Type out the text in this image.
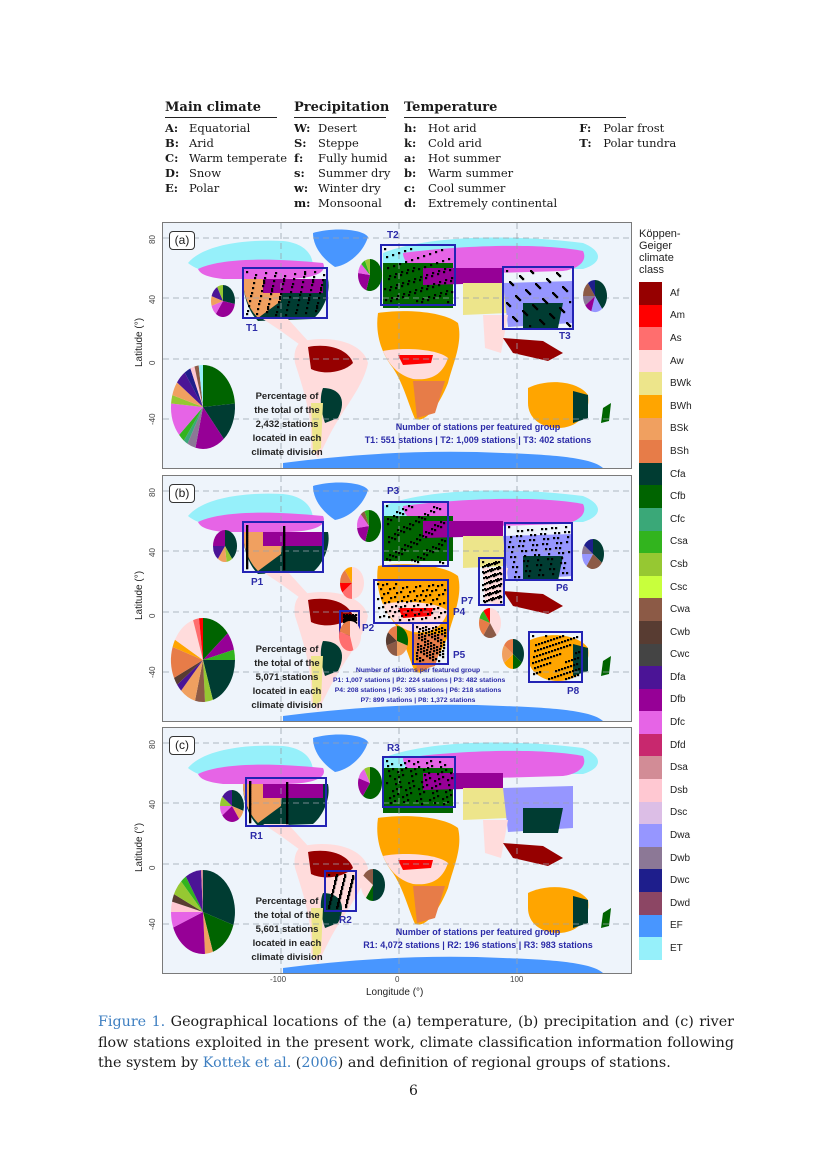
Main climate
A: Equatorial
B: Arid
C: Warm temperate
D: Snow
E: Polar
Precipitation
W: Desert
S: Steppe
f: Fully humid
s: Summer dry
w: Winter dry
m: Monsoonal
Temperature
h: Hot arid
k: Cold arid
a: Hot summer
b: Warm summer
c: Cool summer
d: Extremely continental
F: Polar frost
T: Polar tundra
(a)
T1
T2
T3
Percentage of
the total of the
2,432 stations
located in each
climate division
Number of stations per featured group
T1: 551 stations | T2: 1,009 stations | T3: 402 stations
(b)
P1
P2
P3
P4
P5
P6
P7
P8
Percentage of
the total of the
5,071 stations
located in each
climate division
Number of stations per featured group
P1: 1,007 stations | P2: 224 stations | P3: 482 stations
P4: 208 stations | P5: 305 stations | P6: 218 stations
P7: 899 stations | P8: 1,372 stations
(c)
R1
R2
R3
Percentage of
the total of the
5,601 stations
located in each
climate division
Number of stations per featured group
R1: 4,072 stations | R2: 196 stations | R3: 983 stations
-100	0	100
Longitude (°)
Köppen-
Geiger
climate
class
Af
Am
As
Aw
BWk
BWh
BSk
BSh
Cfa
Cfb
Cfc
Csa
Csb
Csc
Cwa
Cwb
Cwc
Dfa
Dfb
Dfc
Dfd
Dsa
Dsb
Dsc
Dwa
Dwb
Dwc
Dwd
EF
ET
Figure 1. Geographical locations of the (a) temperature, (b) precipitation and (c) river flow stations exploited in the present work, climate classification information following the system by Kottek et al. (2006) and definition of regional groups of stations.
6
80
40
0
-40
Latitude (°)
80
40
0
-40
Latitude (°)
80
40
0
-40
Latitude (°)
